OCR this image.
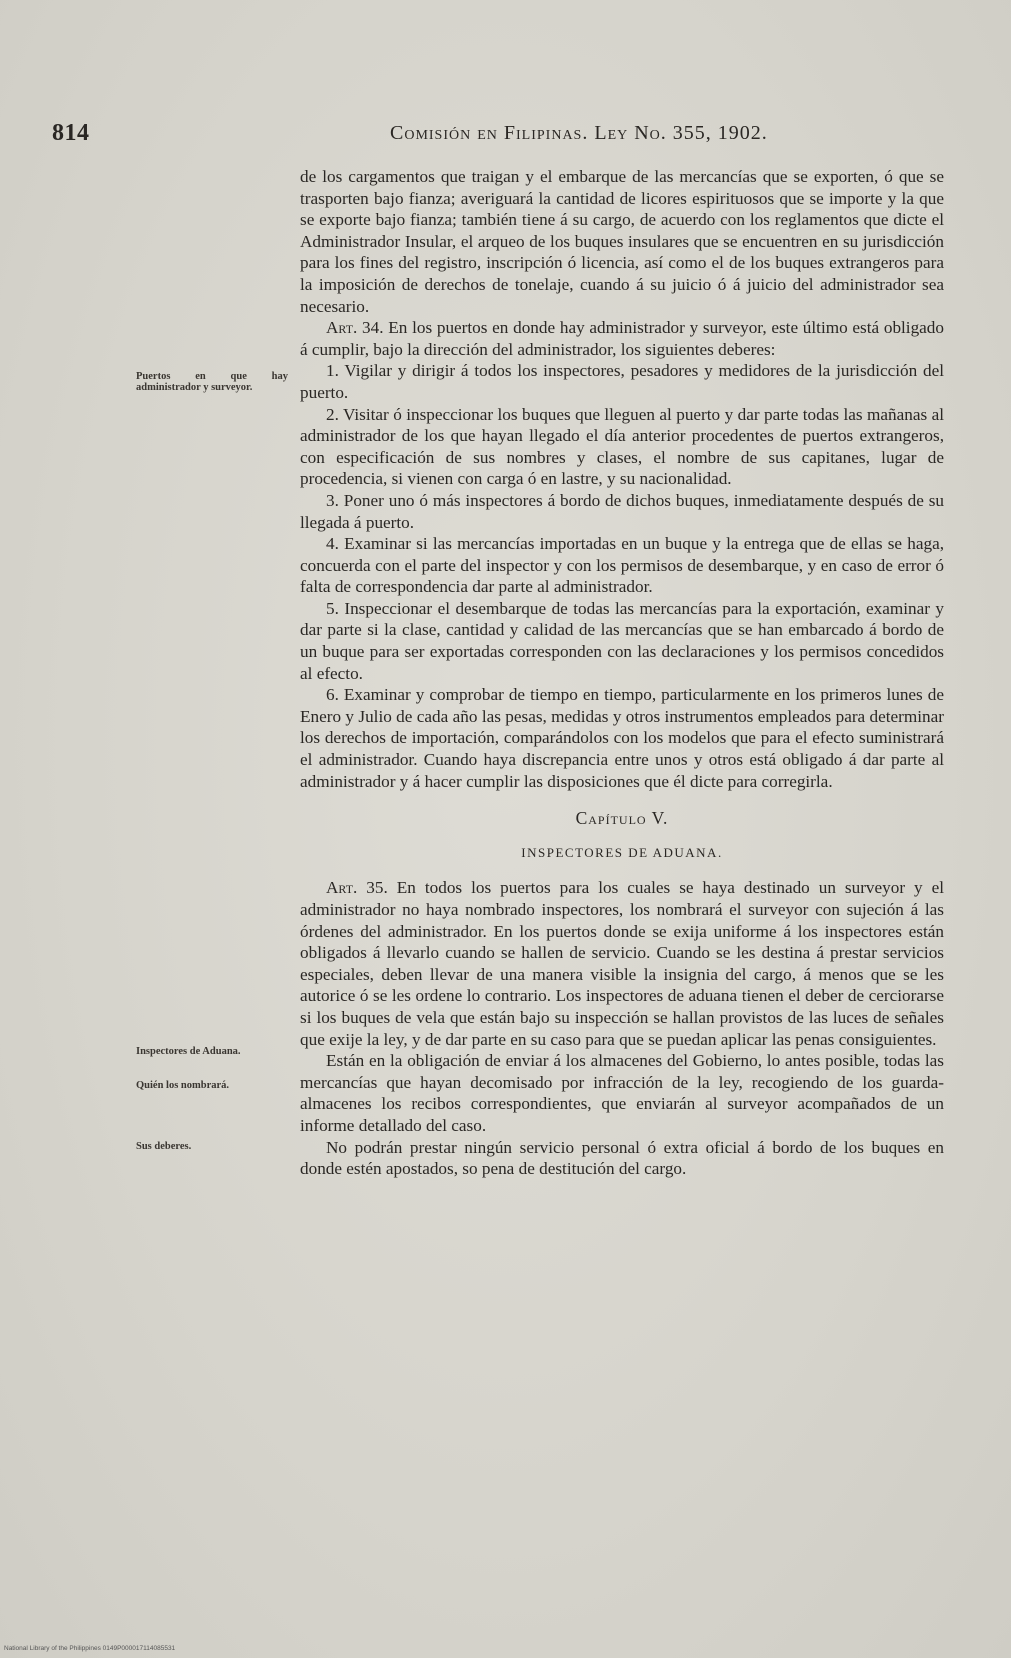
814	Comisión en Filipinas. Ley No. 355, 1902.
Puertos en que hay administrador y surveyor.
Inspectores de Aduana.
Quién los nombrará.
Sus deberes.

de los cargamentos que traigan y el embarque de las mercancías que se exporten, ó que se trasporten bajo fianza; averiguará la cantidad de licores espirituosos que se importe y la que se exporte bajo fianza; también tiene á su cargo, de acuerdo con los reglamentos que dicte el Administrador Insular, el arqueo de los buques insulares que se encuentren en su jurisdicción para los fines del registro, inscripción ó licencia, así como el de los buques extrangeros para la imposición de derechos de tonelaje, cuando á su juicio ó á juicio del administrador sea necesario.

Art. 34. En los puertos en donde hay administrador y surveyor, este último está obligado á cumplir, bajo la dirección del administrador, los siguientes deberes:

1. Vigilar y dirigir á todos los inspectores, pesadores y medidores de la jurisdicción del puerto.

2. Visitar ó inspeccionar los buques que lleguen al puerto y dar parte todas las mañanas al administrador de los que hayan llegado el día anterior procedentes de puertos extrangeros, con especificación de sus nombres y clases, el nombre de sus capitanes, lugar de procedencia, si vienen con carga ó en lastre, y su nacionalidad.

3. Poner uno ó más inspectores á bordo de dichos buques, inmediatamente después de su llegada á puerto.

4. Examinar si las mercancías importadas en un buque y la entrega que de ellas se haga, concuerda con el parte del inspector y con los permisos de desembarque, y en caso de error ó falta de correspondencia dar parte al administrador.

5. Inspeccionar el desembarque de todas las mercancías para la exportación, examinar y dar parte si la clase, cantidad y calidad de las mercancías que se han embarcado á bordo de un buque para ser exportadas corresponden con las declaraciones y los permisos concedidos al efecto.

6. Examinar y comprobar de tiempo en tiempo, particularmente en los primeros lunes de Enero y Julio de cada año las pesas, medidas y otros instrumentos empleados para determinar los derechos de importación, comparándolos con los modelos que para el efecto suministrará el administrador. Cuando haya discrepancia entre unos y otros está obligado á dar parte al administrador y á hacer cumplir las disposiciones que él dicte para corregirla.

Capítulo V.

INSPECTORES DE ADUANA.

Art. 35. En todos los puertos para los cuales se haya destinado un surveyor y el administrador no haya nombrado inspectores, los nombrará el surveyor con sujeción á las órdenes del administrador. En los puertos donde se exija uniforme á los inspectores están obligados á llevarlo cuando se hallen de servicio. Cuando se les destina á prestar servicios especiales, deben llevar de una manera visible la insignia del cargo, á menos que se les autorice ó se les ordene lo contrario. Los inspectores de aduana tienen el deber de cerciorarse si los buques de vela que están bajo su inspección se hallan provistos de las luces de señales que exije la ley, y de dar parte en su caso para que se puedan aplicar las penas consiguientes.

Están en la obligación de enviar á los almacenes del Gobierno, lo antes posible, todas las mercancías que hayan decomisado por infracción de la ley, recogiendo de los guarda-almacenes los recibos correspondientes, que enviarán al surveyor acompañados de un informe detallado del caso.

No podrán prestar ningún servicio personal ó extra oficial á bordo de los buques en donde estén apostados, so pena de destitución del cargo.

National Library of the Philippines 0149P000017114085531
